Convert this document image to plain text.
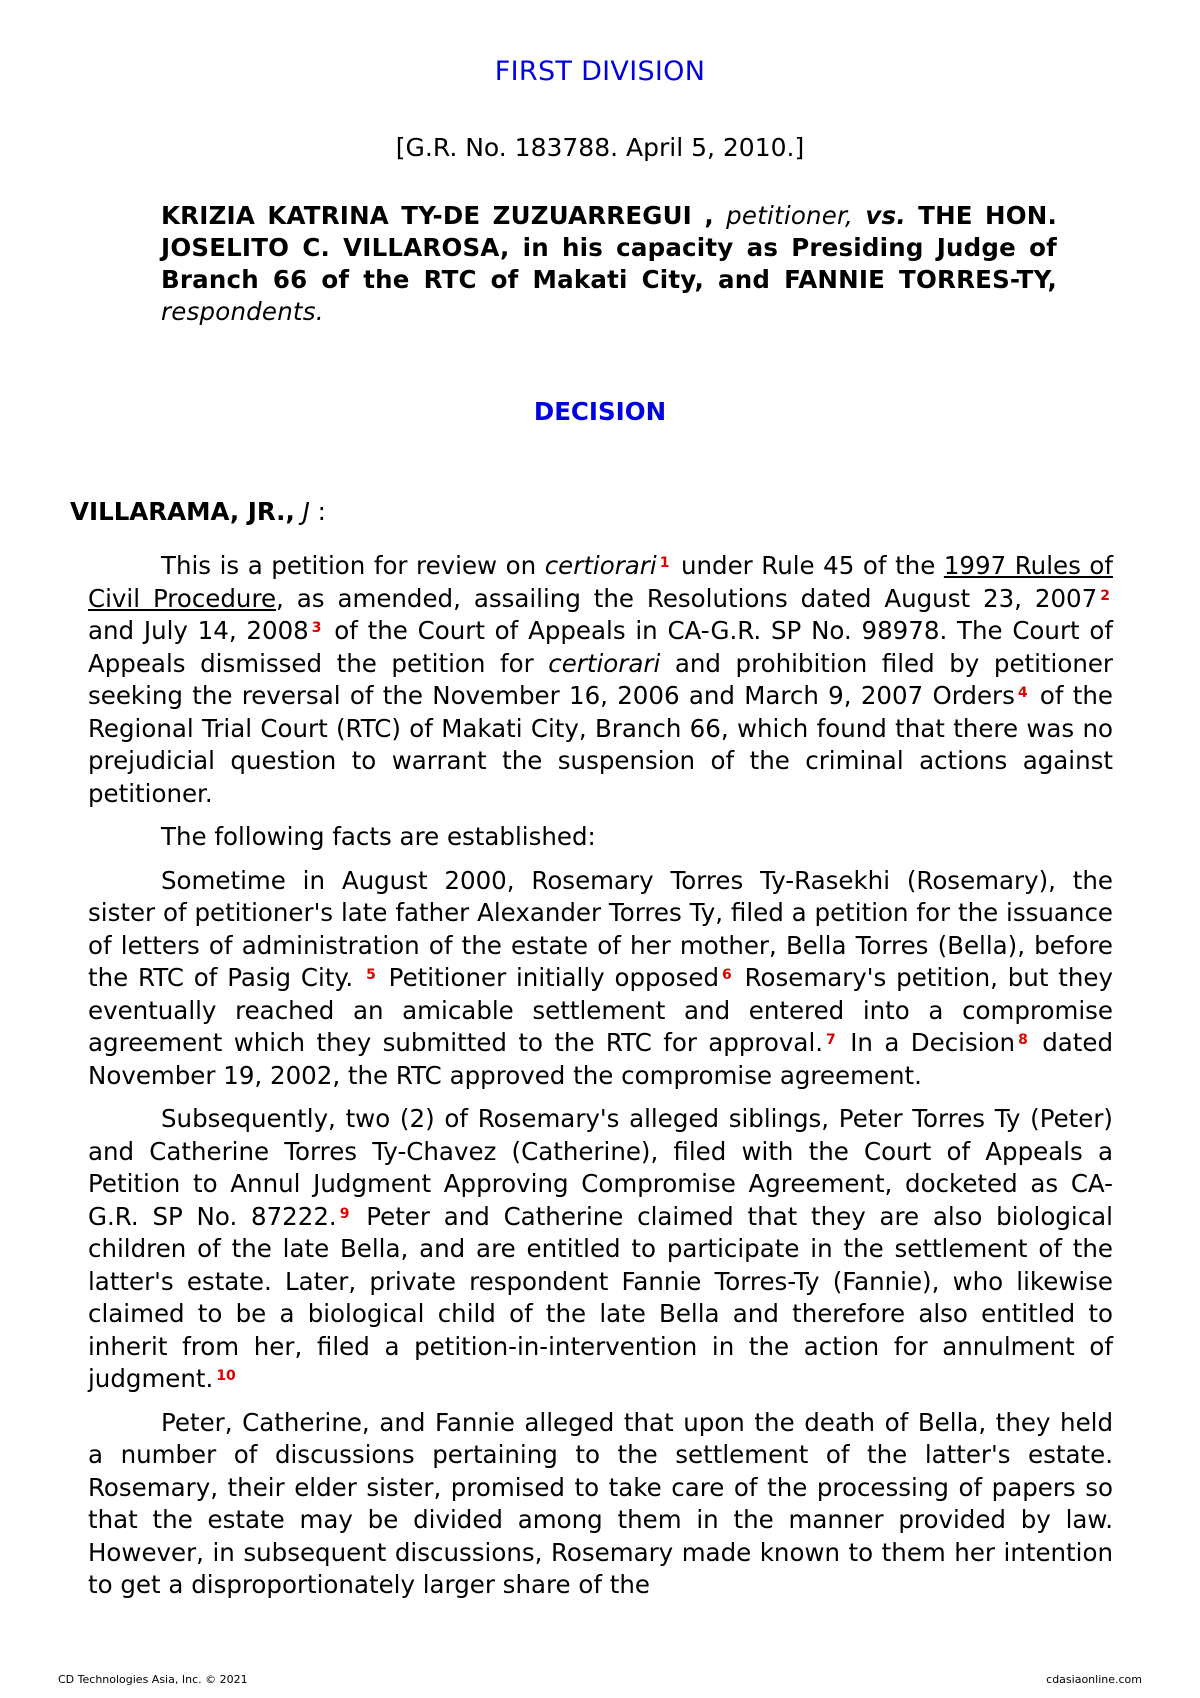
FIRST DIVISION
[G.R. No. 183788. April 5, 2010.]
KRIZIA KATRINA TY-DE ZUZUARREGUI , petitioner, vs. THE HON. JOSELITO C. VILLAROSA, in his capacity as Presiding Judge of Branch 66 of the RTC of Makati City, and FANNIE TORRES-TY, respondents.
DECISION
VILLARAMA, JR., J :

This is a petition for review on certiorari $^1$ under Rule 45 of the 1997 Rules of Civil Procedure, as amended, assailing the Resolutions dated August 23, 2007 $^2$ and July 14, 2008 $^3$ of the Court of Appeals in CA-G.R. SP No. 98978. The Court of Appeals dismissed the petition for certiorari and prohibition filed by petitioner seeking the reversal of the November 16, 2006 and March 9, 2007 Orders $^4$ of the Regional Trial Court (RTC) of Makati City, Branch 66, which found that there was no prejudicial question to warrant the suspension of the criminal actions against petitioner.

The following facts are established:

Sometime in August 2000, Rosemary Torres Ty-Rasekhi (Rosemary), the sister of petitioner's late father Alexander Torres Ty, filed a petition for the issuance of letters of administration of the estate of her mother, Bella Torres (Bella), before the RTC of Pasig City. $^5$ Petitioner initially opposed $^6$ Rosemary's petition, but they eventually reached an amicable settlement and entered into a compromise agreement which they submitted to the RTC for approval. $^7$ In a Decision $^8$ dated November 19, 2002, the RTC approved the compromise agreement.

Subsequently, two (2) of Rosemary's alleged siblings, Peter Torres Ty (Peter) and Catherine Torres Ty-Chavez (Catherine), filed with the Court of Appeals a Petition to Annul Judgment Approving Compromise Agreement, docketed as CA-G.R. SP No. 87222. $^9$ Peter and Catherine claimed that they are also biological children of the late Bella, and are entitled to participate in the settlement of the latter's estate. Later, private respondent Fannie Torres-Ty (Fannie), who likewise claimed to be a biological child of the late Bella and therefore also entitled to inherit from her, filed a petition-in-intervention in the action for annulment of judgment. $^{10}$

Peter, Catherine, and Fannie alleged that upon the death of Bella, they held a number of discussions pertaining to the settlement of the latter's estate. Rosemary, their elder sister, promised to take care of the processing of papers so that the estate may be divided among them in the manner provided by law. However, in subsequent discussions, Rosemary made known to them her intention to get a disproportionately larger share of the

CD Technologies Asia, Inc. © 2021	cdasiaonline.com
